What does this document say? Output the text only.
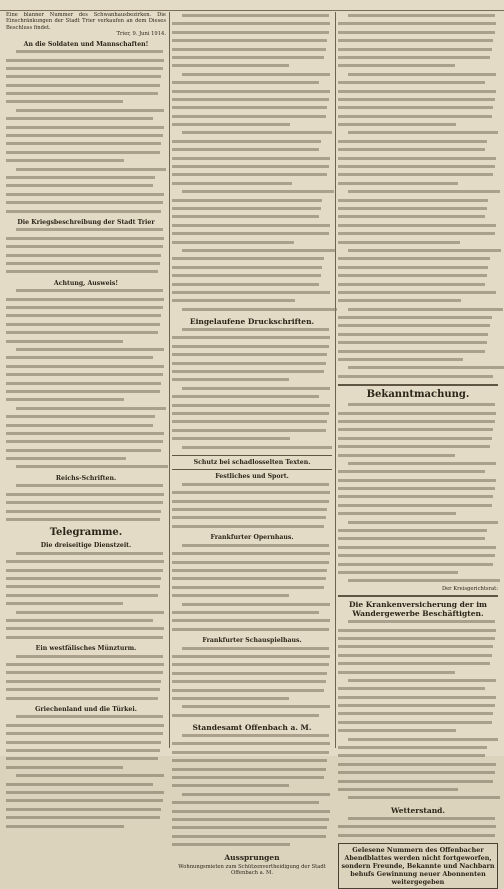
Eine blanner Nummer des Schwanhausbezirken. Die Einschränkungen der Stadt Trier verkaufen an dem Dieses Beschluss findet.
Trier, 9. Juni 1914.
An die Soldaten und Mannschaften!
Die Kriegsbeschreibung der Stadt Trier
Achtung, Ausweis!
Reichs-Schriften.
Telegramme.
Die dreiseitige Dienstzeit.
Ein westfälisches Münzturm.
Griechenland und die Türkei.
Eingelaufene Druckschriften.
Schutz bei schadlosselten Texten.
Festliches und Sport.
Frankfurter Opernhaus.
Frankfurter Schauspielhaus.
Standesamt Offenbach a. M.
Aussprungen
Wohnungsmieten zum Schützenvertheidigung der Stadt Offenbach a. M.
Bekanntmachung.
Der Kreisgerichtsrat:
Die Krankenversicherung der im Wandergewerbe Beschäftigten.
Wetterstand.
Gelesene Nummern des Offenbacher Abendblattes werden nicht fortgeworfen, sondern Freunde, Bekannte und Nachbarn behufs Gewinnung neuer Abonnenten weitergegeben
